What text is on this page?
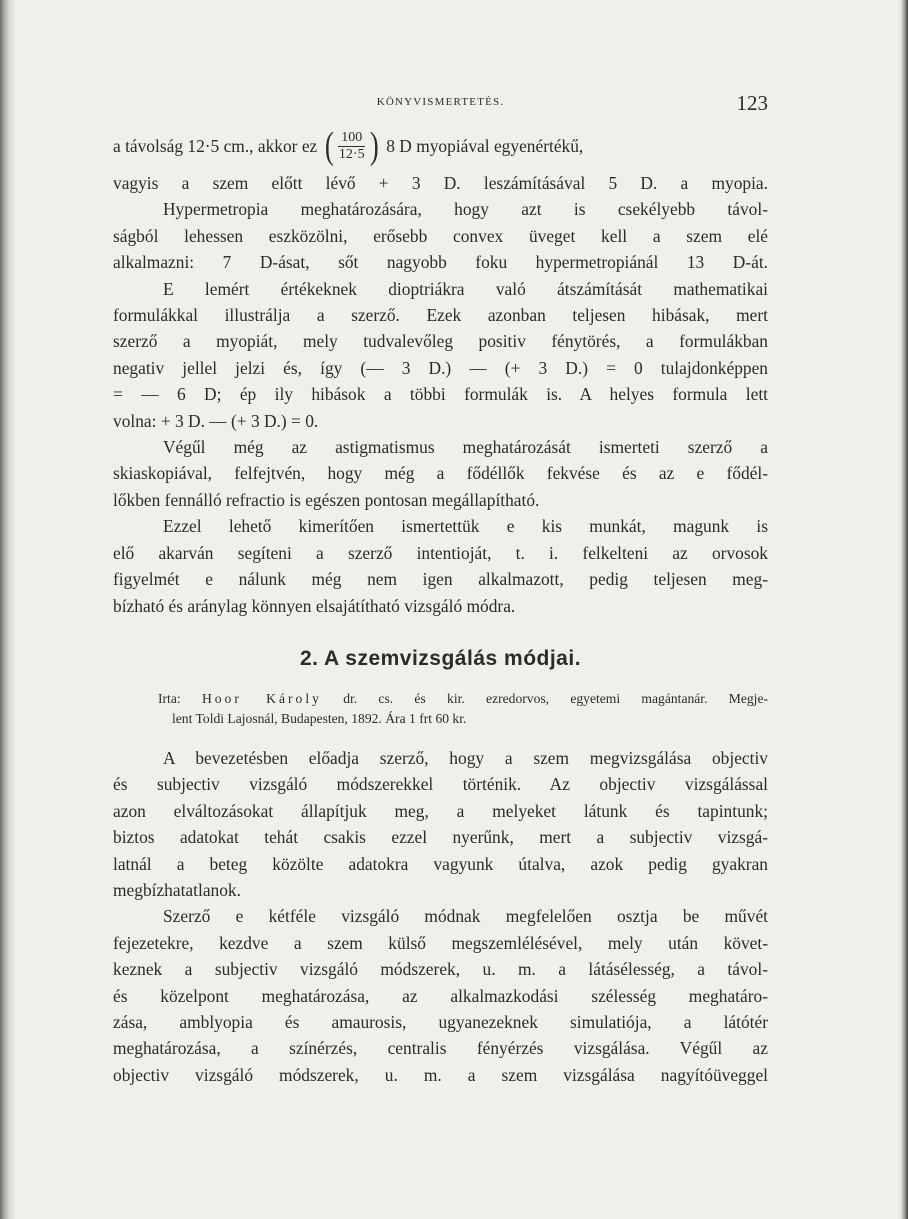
KÖNYVISMERTETÉS.	123
a távolság 12·5 cm., akkor ez ( $\frac{100}{12\cdot 5}$ ) 8 D myopiával egyenértékű,
vagyis a szem előtt lévő + 3 D. leszámításával 5 D. a myopia.
Hypermetropia meghatározására, hogy azt is csekélyebb távol-
ságból lehessen eszközölni, erősebb convex üveget kell a szem elé
alkalmazni: 7 D-ásat, sőt nagyobb foku hypermetropiánál 13 D-át.
E lemért értékeknek dioptriákra való átszámítását mathematikai
formulákkal illustrálja a szerző. Ezek azonban teljesen hibásak, mert
szerző a myopiát, mely tudvalevőleg positiv fénytörés, a formulákban
negativ jellel jelzi és, így (— 3 D.) — (+ 3 D.) = 0 tulajdonképpen
= — 6 D; ép ily hibások a többi formulák is. A helyes formula lett
volna: + 3 D. — (+ 3 D.) = 0.
Végűl még az astigmatismus meghatározását ismerteti szerző a
skiaskopiával, felfejtvén, hogy még a fődéllők fekvése és az e fődél-
lőkben fennálló refractio is egészen pontosan megállapítható.
Ezzel lehető kimerítően ismertettük e kis munkát, magunk is
elő akarván segíteni a szerző intentioját, t. i. felkelteni az orvosok
figyelmét e nálunk még nem igen alkalmazott, pedig teljesen meg-
bízható és aránylag könnyen elsajátítható vizsgáló módra.
2. A szemvizsgálás módjai.
Irta: Hoor Károly dr. cs. és kir. ezredorvos, egyetemi magántanár. Megje-
lent Toldi Lajosnál, Budapesten, 1892. Ára 1 frt 60 kr.
A bevezetésben előadja szerző, hogy a szem megvizsgálása objectiv
és subjectiv vizsgáló módszerekkel történik. Az objectiv vizsgálással
azon elváltozásokat állapítjuk meg, a melyeket látunk és tapintunk;
biztos adatokat tehát csakis ezzel nyerűnk, mert a subjectiv vizsgá-
latnál a beteg közölte adatokra vagyunk útalva, azok pedig gyakran
megbízhatatlanok.
Szerző e kétféle vizsgáló módnak megfelelően osztja be művét
fejezetekre, kezdve a szem külső megszemlélésével, mely után követ-
keznek a subjectiv vizsgáló módszerek, u. m. a látásélesség, a távol-
és közelpont meghatározása, az alkalmazkodási szélesség meghatáro-
zása, amblyopia és amaurosis, ugyanezeknek simulatiója, a látótér
meghatározása, a színérzés, centralis fényérzés vizsgálása. Végűl az
objectiv vizsgáló módszerek, u. m. a szem vizsgálása nagyítóüveggel
